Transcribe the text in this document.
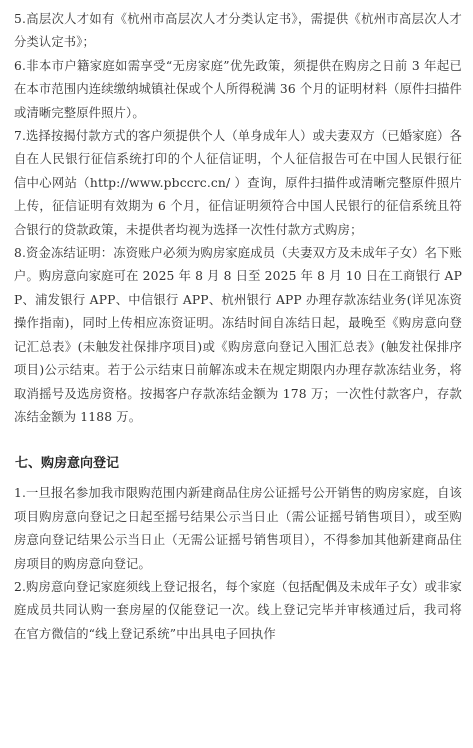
5.高层次人才如有《杭州市高层次人才分类认定书》，需提供《杭州市高层次人才分类认定书》；

6.非本市户籍家庭如需享受“无房家庭”优先政策，须提供在购房之日前 3 年起已在本市范围内连续缴纳城镇社保或个人所得税满 36 个月的证明材料（原件扫描件或清晰完整原件照片）。

7.选择按揭付款方式的客户须提供个人（单身成年人）或夫妻双方（已婚家庭）各自在人民银行征信系统打印的个人征信证明，个人征信报告可在中国人民银行征信中心网站（http://www.pbccrc.cn/ ）查询，原件扫描件或清晰完整原件照片上传，征信证明有效期为 6 个月，征信证明须符合中国人民银行的征信系统且符合银行的贷款政策，未提供者均视为选择一次性付款方式购房；

8.资金冻结证明：冻资账户必须为购房家庭成员（夫妻双方及未成年子女）名下账户。购房意向家庭可在 2025 年 8 月 8 日至 2025 年 8 月 10 日在工商银行 APP、浦发银行 APP、中信银行 APP、杭州银行 APP 办理存款冻结业务(详见冻资操作指南)，同时上传相应冻资证明。冻结时间自冻结日起，最晚至《购房意向登记汇总表》(未触发社保排序项目)或《购房意向登记入围汇总表》(触发社保排序项目)公示结束。若于公示结束日前解冻或未在规定期限内办理存款冻结业务，将取消摇号及选房资格。按揭客户存款冻结金额为 178 万；一次性付款客户，存款冻结金额为 1188 万。

七、购房意向登记

1.一旦报名参加我市限购范围内新建商品住房公证摇号公开销售的购房家庭，自该项目购房意向登记之日起至摇号结果公示当日止（需公证摇号销售项目），或至购房意向登记结果公示当日止（无需公证摇号销售项目），不得参加其他新建商品住房项目的购房意向登记。

2.购房意向登记家庭须线上登记报名，每个家庭（包括配偶及未成年子女）或非家庭成员共同认购一套房屋的仅能登记一次。线上登记完毕并审核通过后，我司将在官方微信的“线上登记系统”中出具电子回执作
